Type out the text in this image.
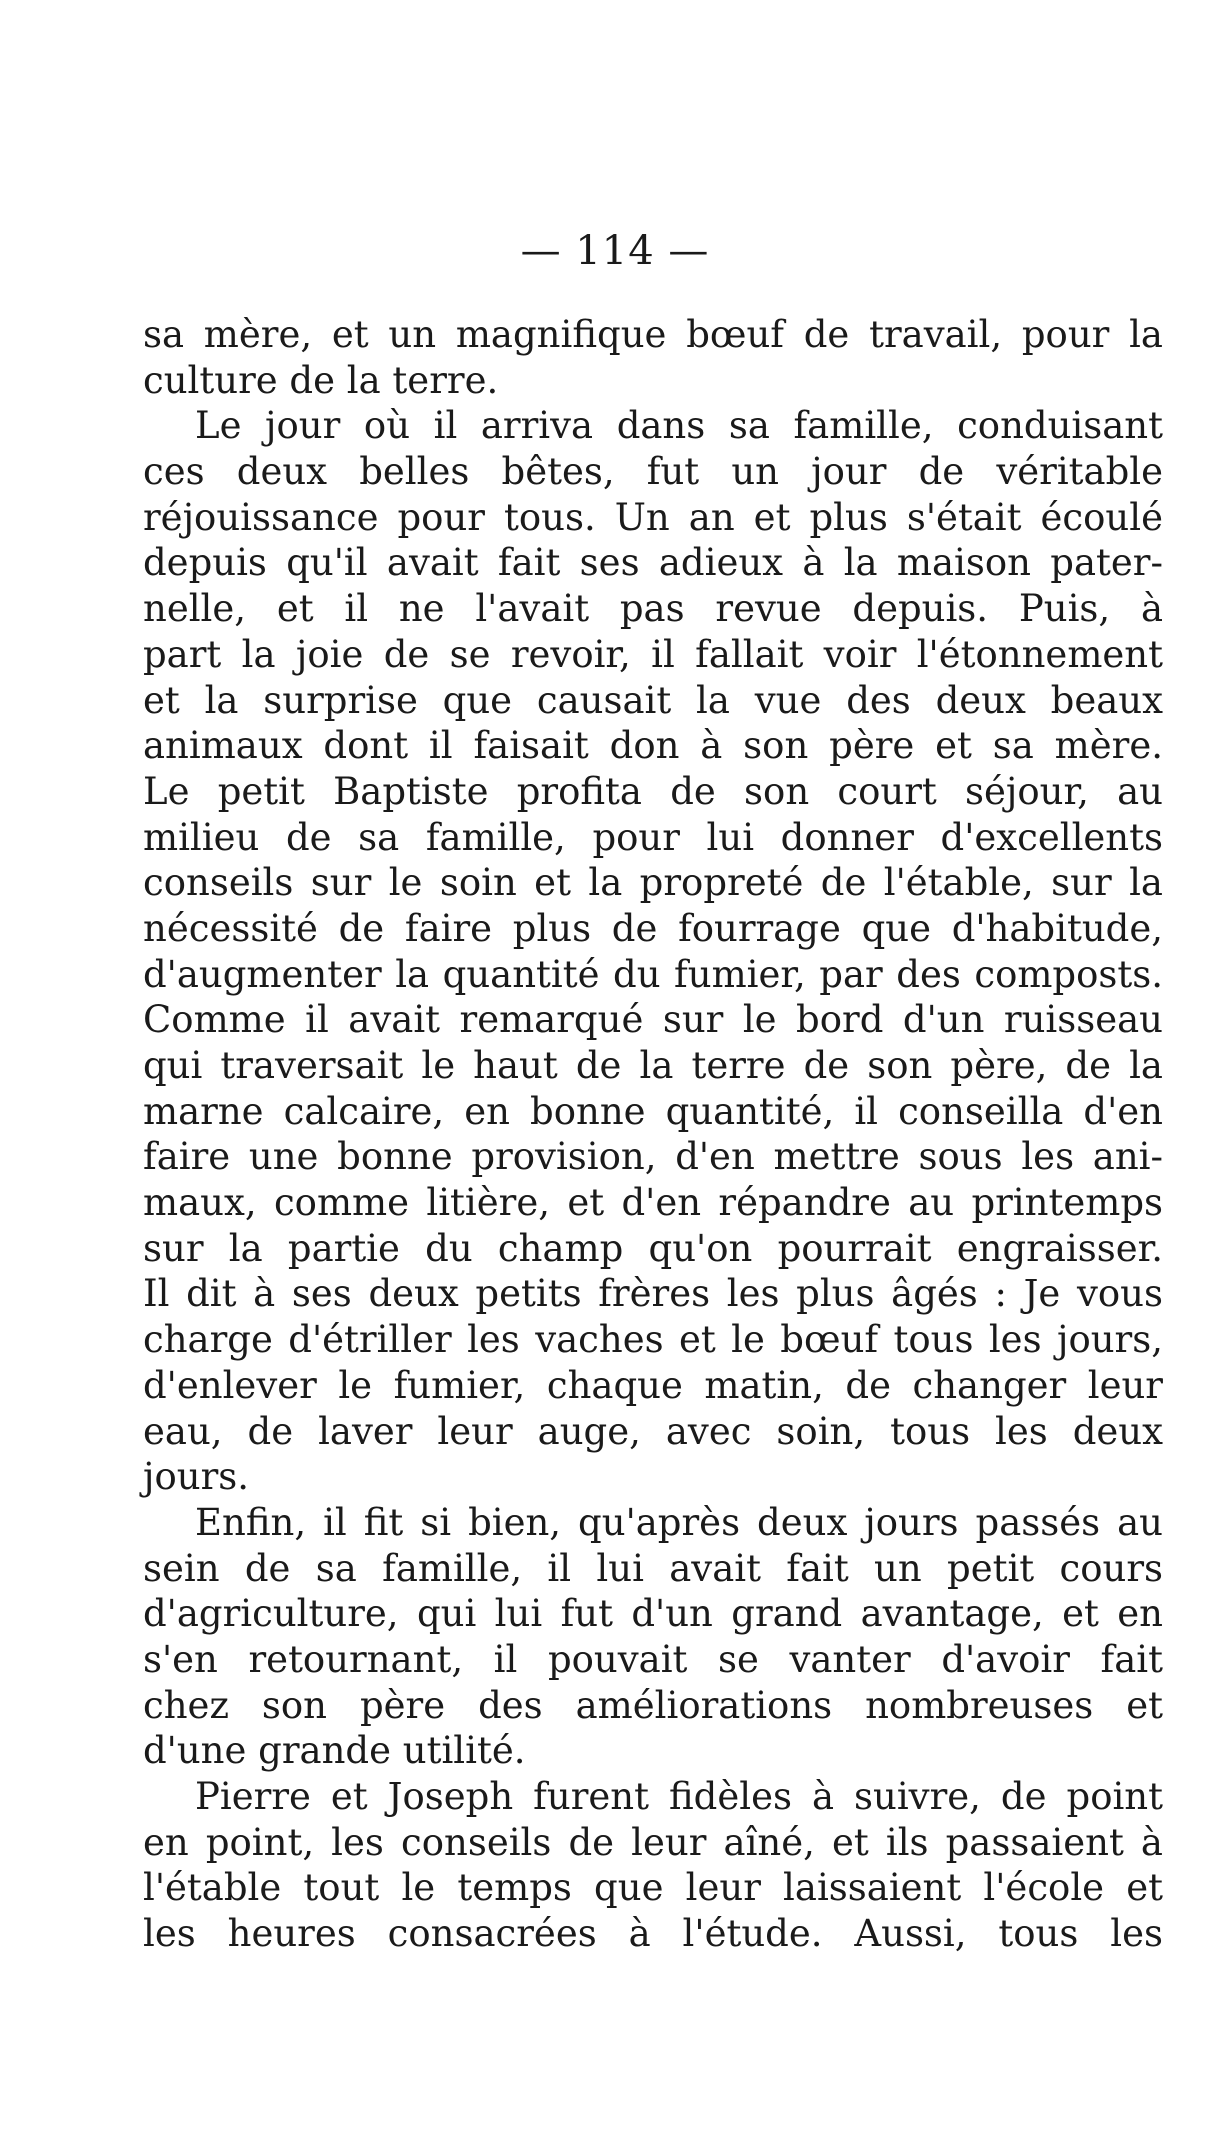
— 114 —
sa mère, et un magnifique bœuf de travail, pour la
culture de la terre.
Le jour où il arriva dans sa famille, conduisant
ces deux belles bêtes, fut un jour de véritable
réjouissance pour tous. Un an et plus s'était écoulé
depuis qu'il avait fait ses adieux à la maison pater-
nelle, et il ne l'avait pas revue depuis. Puis, à
part la joie de se revoir, il fallait voir l'étonnement
et la surprise que causait la vue des deux beaux
animaux dont il faisait don à son père et sa mère.
Le petit Baptiste profita de son court séjour, au
milieu de sa famille, pour lui donner d'excellents
conseils sur le soin et la propreté de l'étable, sur la
nécessité de faire plus de fourrage que d'habitude,
d'augmenter la quantité du fumier, par des composts.
Comme il avait remarqué sur le bord d'un ruisseau
qui traversait le haut de la terre de son père, de la
marne calcaire, en bonne quantité, il conseilla d'en
faire une bonne provision, d'en mettre sous les ani-
maux, comme litière, et d'en répandre au printemps
sur la partie du champ qu'on pourrait engraisser.
Il dit à ses deux petits frères les plus âgés : Je vous
charge d'étriller les vaches et le bœuf tous les jours,
d'enlever le fumier, chaque matin, de changer leur
eau, de laver leur auge, avec soin, tous les deux
jours.
Enfin, il fit si bien, qu'après deux jours passés au
sein de sa famille, il lui avait fait un petit cours
d'agriculture, qui lui fut d'un grand avantage, et en
s'en retournant, il pouvait se vanter d'avoir fait
chez son père des améliorations nombreuses et
d'une grande utilité.
Pierre et Joseph furent fidèles à suivre, de point
en point, les conseils de leur aîné, et ils passaient à
l'étable tout le temps que leur laissaient l'école et
les heures consacrées à l'étude. Aussi, tous les
